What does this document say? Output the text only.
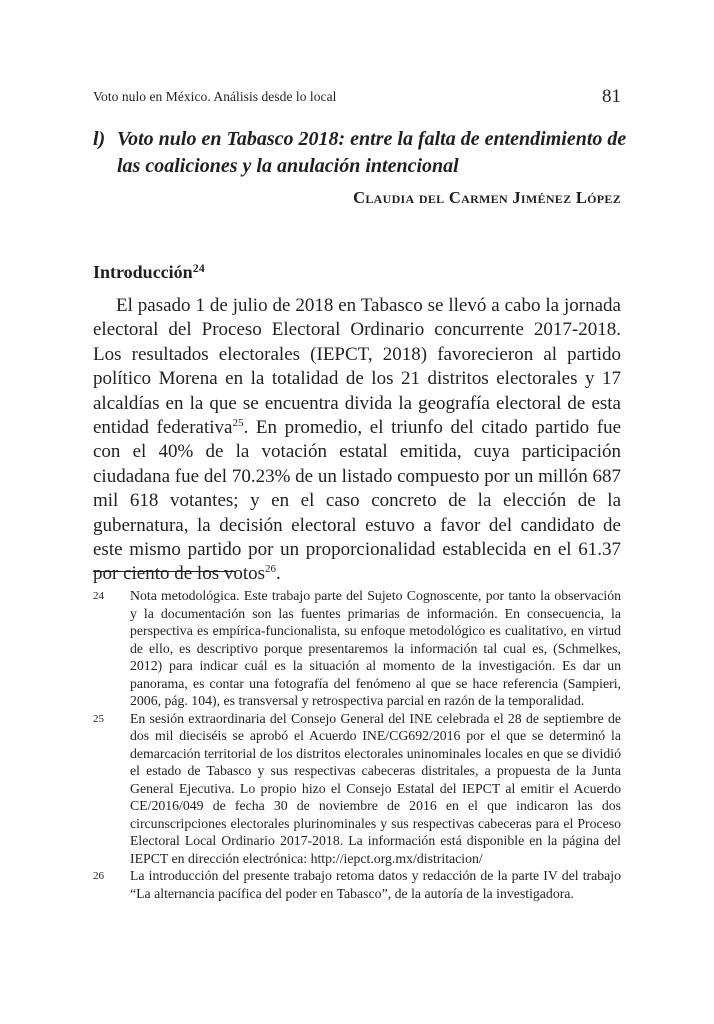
Voto nulo en México. Análisis desde lo local	81
l) Voto nulo en Tabasco 2018: entre la falta de entendimiento de las coaliciones y la anulación intencional
Claudia del Carmen Jiménez López
Introducción$^{24}$

El pasado 1 de julio de 2018 en Tabasco se llevó a cabo la jornada electoral del Proceso Electoral Ordinario concurrente 2017-2018. Los resultados electorales (IEPCT, 2018) favorecieron al partido político Morena en la totalidad de los 21 distritos electorales y 17 alcaldías en la que se encuentra divida la geografía electoral de esta entidad federativa$^{25}$. En promedio, el triunfo del citado partido fue con el 40% de la votación estatal emitida, cuya participación ciudadana fue del 70.23% de un listado compuesto por un millón 687 mil 618 votantes; y en el caso concreto de la elección de la gubernatura, la decisión electoral estuvo a favor del candidato de este mismo partido por un proporcionalidad establecida en el 61.37 por ciento de los votos$^{26}$.

24 Nota metodológica. Este trabajo parte del Sujeto Cognoscente, por tanto la observación y la documentación son las fuentes primarias de información. En consecuencia, la perspectiva es empírica-funcionalista, su enfoque metodológico es cualitativo, en virtud de ello, es descriptivo porque presentaremos la información tal cual es, (Schmelkes, 2012) para indicar cuál es la situación al momento de la investigación. Es dar un panorama, es contar una fotografía del fenómeno al que se hace referencia (Sampieri, 2006, pág. 104), es transversal y retrospectiva parcial en razón de la temporalidad.
25 En sesión extraordinaria del Consejo General del INE celebrada el 28 de septiembre de dos mil dieciséis se aprobó el Acuerdo INE/CG692/2016 por el que se determinó la demarcación territorial de los distritos electorales uninominales locales en que se dividió el estado de Tabasco y sus respectivas cabeceras distritales, a propuesta de la Junta General Ejecutiva. Lo propio hizo el Consejo Estatal del IEPCT al emitir el Acuerdo CE/2016/049 de fecha 30 de noviembre de 2016 en el que indicaron las dos circunscripciones electorales plurinominales y sus respectivas cabeceras para el Proceso Electoral Local Ordinario 2017-2018. La información está disponible en la página del IEPCT en dirección electrónica: http://iepct.org.mx/distritacion/
26 La introducción del presente trabajo retoma datos y redacción de la parte IV del trabajo “La alternancia pacífica del poder en Tabasco”, de la autoría de la investigadora.
